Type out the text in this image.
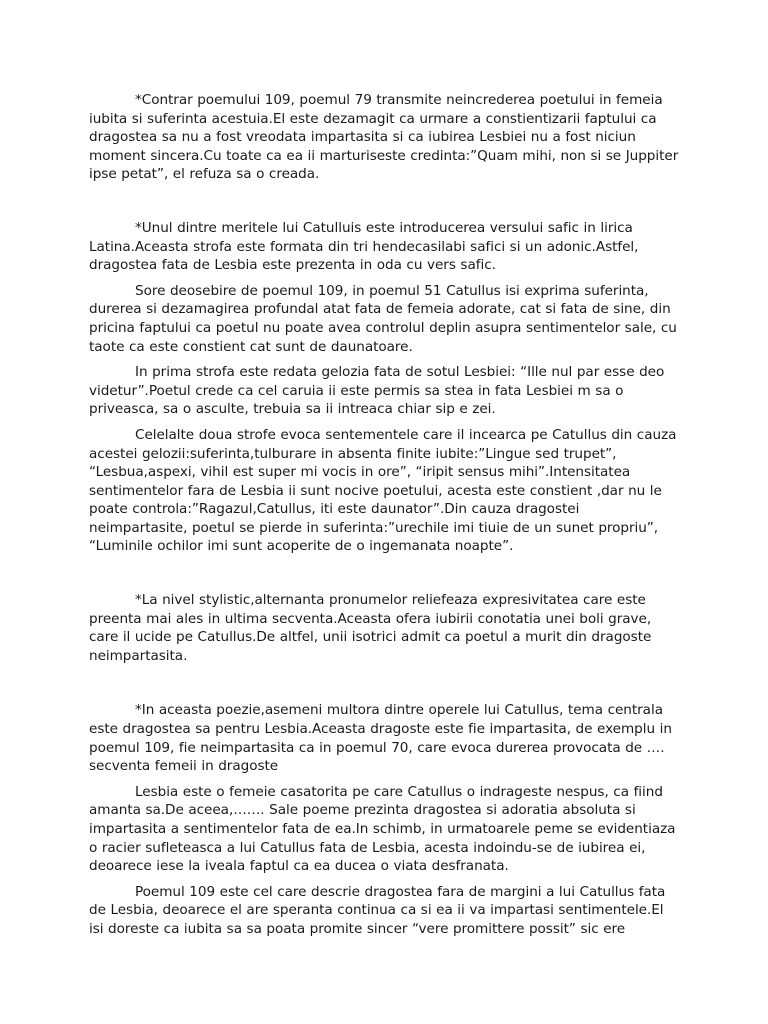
*Contrar poemului 109, poemul 79 transmite neincrederea poetului in femeia iubita si suferinta acestuia.El este dezamagit ca urmare a constientizarii faptului ca dragostea sa nu a fost vreodata impartasita si ca iubirea Lesbiei nu a fost niciun moment sincera.Cu toate ca ea ii marturiseste credinta:”Quam mihi, non si se Juppiter ipse petat”, el refuza sa o creada.

*Unul dintre meritele lui Catulluis este introducerea versului safic in lirica Latina.Aceasta strofa este formata din tri hendecasilabi safici si un adonic.Astfel, dragostea fata de Lesbia este prezenta in oda cu vers safic.

Sore deosebire de poemul 109, in poemul 51 Catullus isi exprima suferinta, durerea si dezamagirea profundal atat fata de femeia adorate, cat si fata de sine, din pricina faptului ca poetul nu poate avea controlul deplin asupra sentimentelor sale, cu taote ca este constient cat sunt de daunatoare.

In prima strofa este redata gelozia fata de sotul Lesbiei: “Ille nul par esse deo videtur”.Poetul crede ca cel caruia ii este permis sa stea in fata Lesbiei m sa o priveasca, sa o asculte, trebuia sa ii intreaca chiar sip e zei.

Celelalte doua strofe evoca sentementele care il incearca pe Catullus din cauza acestei gelozii:suferinta,tulburare in absenta finite iubite:”Lingue sed trupet”, “Lesbua,aspexi, vihil est super mi vocis in ore”, “iripit sensus mihi”.Intensitatea sentimentelor fara de Lesbia ii sunt nocive poetului, acesta este constient ,dar nu le poate controla:”Ragazul,Catullus, iti este daunator”.Din cauza dragostei neimpartasite, poetul se pierde in suferinta:”urechile imi tiuie de un sunet propriu”, “Luminile ochilor imi sunt acoperite de o ingemanata noapte”.

*La nivel stylistic,alternanta pronumelor reliefeaza expresivitatea care este preenta mai ales in ultima secventa.Aceasta ofera iubirii conotatia unei boli grave, care il ucide pe Catullus.De altfel, unii isotrici admit ca poetul a murit din dragoste neimpartasita.

*In aceasta poezie,asemeni multora dintre operele lui Catullus, tema centrala este dragostea sa pentru Lesbia.Aceasta dragoste este fie impartasita, de exemplu in poemul 109, fie neimpartasita ca in poemul 70, care evoca durerea provocata de …. secventa femeii in dragoste

Lesbia este o femeie casatorita pe care Catullus o indrageste nespus, ca fiind amanta sa.De aceea,……. Sale poeme prezinta dragostea si adoratia absoluta si impartasita a sentimentelor fata de ea.In schimb, in urmatoarele peme se evidentiaza o racier sufleteasca a lui Catullus fata de Lesbia, acesta indoindu-se de iubirea ei, deoarece iese la iveala faptul ca ea ducea o viata desfranata.

Poemul 109 este cel care descrie dragostea fara de margini a lui Catullus fata de Lesbia, deoarece el are speranta continua ca si ea ii va impartasi sentimentele.El isi doreste ca iubita sa sa poata promite sincer “vere promittere possit” sic ere
